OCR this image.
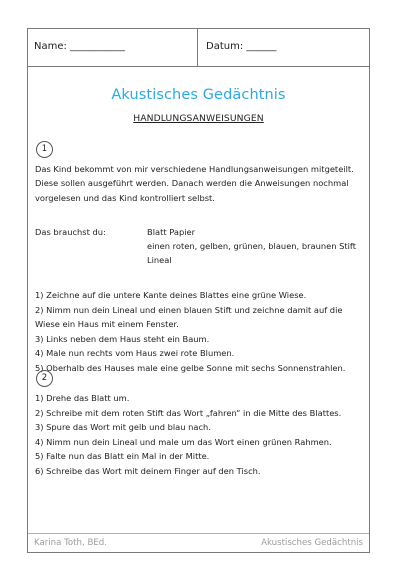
Name: ___________	Datum: ______
Akustisches Gedächtnis
HANDLUNGSANWEISUNGEN
1

Das Kind bekommt von mir verschiedene Handlungsanweisungen mitgeteilt.

Diese sollen ausgeführt werden. Danach werden die Anweisungen nochmal

vorgelesen und das Kind kontrolliert selbst.

Das brauchst du:	Blatt Papier
einen roten, gelben, grünen, blauen, braunen Stift
Lineal
1) Zeichne auf die untere Kante deines Blattes eine grüne Wiese.
2) Nimm nun dein Lineal und einen blauen Stift und zeichne damit auf die
Wiese ein Haus mit einem Fenster.
3) Links neben dem Haus steht ein Baum.
4) Male nun rechts vom Haus zwei rote Blumen.
5) Oberhalb des Hauses male eine gelbe Sonne mit sechs Sonnenstrahlen.
2
1) Drehe das Blatt um.
2) Schreibe mit dem roten Stift das Wort „fahren“ in die Mitte des Blattes.
3) Spure das Wort mit gelb und blau nach.
4) Nimm nun dein Lineal und male um das Wort einen grünen Rahmen.
5) Falte nun das Blatt ein Mal in der Mitte.
6) Schreibe das Wort mit deinem Finger auf den Tisch.
Karina Toth, BEd.	Akustisches Gedächtnis
